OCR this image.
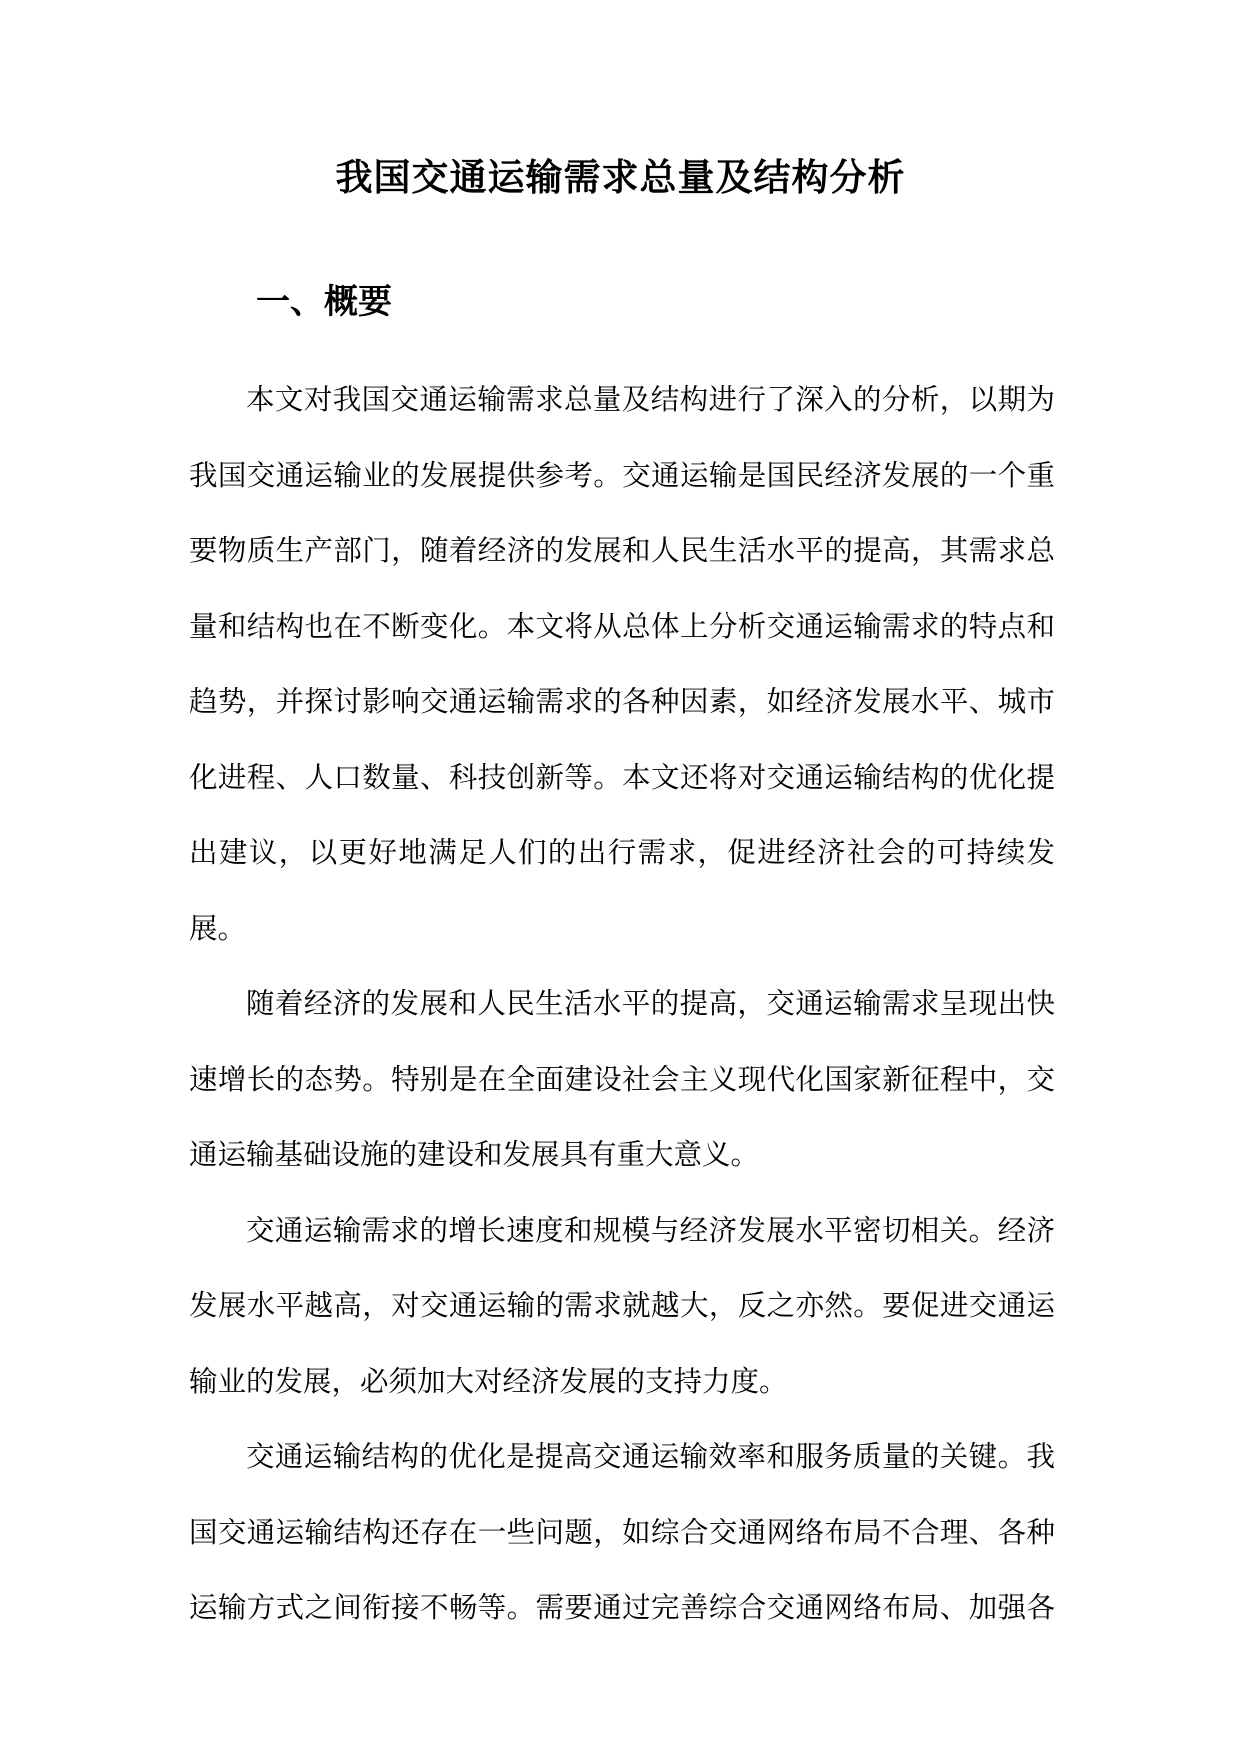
我国交通运输需求总量及结构分析
一、概要

本文对我国交通运输需求总量及结构进行了深入的分析，以期为我国交通运输业的发展提供参考。交通运输是国民经济发展的一个重要物质生产部门，随着经济的发展和人民生活水平的提高，其需求总量和结构也在不断变化。本文将从总体上分析交通运输需求的特点和趋势，并探讨影响交通运输需求的各种因素，如经济发展水平、城市化进程、人口数量、科技创新等。本文还将对交通运输结构的优化提出建议，以更好地满足人们的出行需求，促进经济社会的可持续发展。

随着经济的发展和人民生活水平的提高，交通运输需求呈现出快速增长的态势。特别是在全面建设社会主义现代化国家新征程中，交通运输基础设施的建设和发展具有重大意义。

交通运输需求的增长速度和规模与经济发展水平密切相关。经济发展水平越高，对交通运输的需求就越大，反之亦然。要促进交通运输业的发展，必须加大对经济发展的支持力度。

交通运输结构的优化是提高交通运输效率和服务质量的关键。我国交通运输结构还存在一些问题，如综合交通网络布局不合理、各种运输方式之间衔接不畅等。需要通过完善综合交通网络布局、加强各
